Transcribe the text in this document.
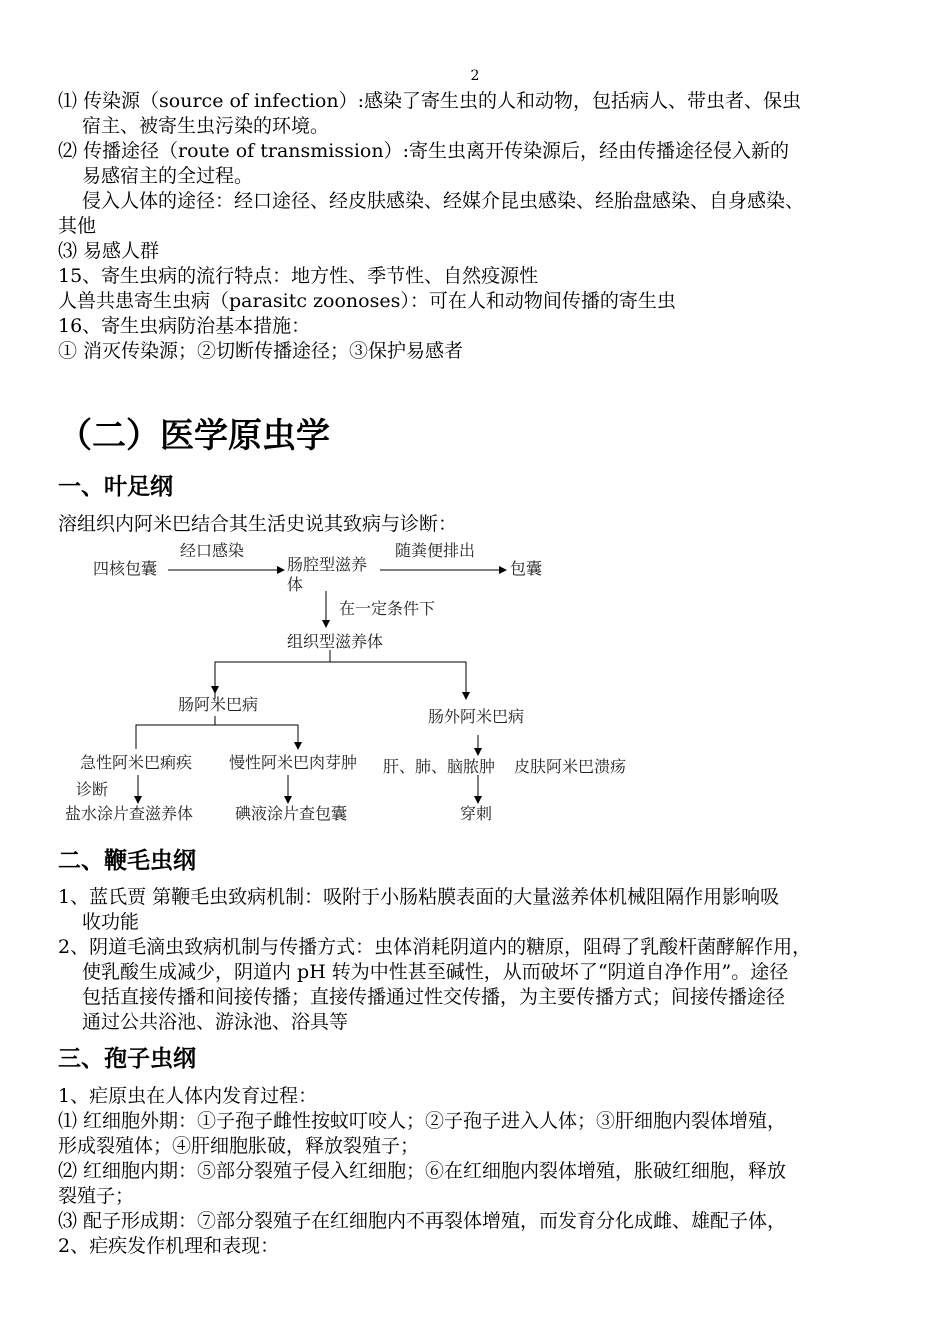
2
⑴ 传染源（source of infection）:感染了寄生虫的人和动物，包括病人、带虫者、保虫
宿主、被寄生虫污染的环境。
⑵ 传播途径（route of transmission）:寄生虫离开传染源后，经由传播途径侵入新的
易感宿主的全过程。
侵入人体的途径：经口途径、经皮肤感染、经媒介昆虫感染、经胎盘感染、自身感染、
其他
⑶ 易感人群
15、寄生虫病的流行特点：地方性、季节性、自然疫源性
人兽共患寄生虫病（parasitc zoonoses）：可在人和动物间传播的寄生虫
16、寄生虫病防治基本措施：
① 消灭传染源；②切断传播途径；③保护易感者
（二）医学原虫学
一、叶足纲
溶组织内阿米巴结合其生活史说其致病与诊断：
四核包囊
经口感染
肠腔型滋养
体
随粪便排出
包囊
在一定条件下
组织型滋养体
肠阿米巴病
肠外阿米巴病
急性阿米巴痢疾 慢性阿米巴肉芽肿 肝、肺、脑脓肿 皮肤阿米巴溃疡
诊断
盐水涂片查滋养体	碘液涂片查包囊	穿刺
二、鞭毛虫纲
1、蓝氏贾 第鞭毛虫致病机制：吸附于小肠粘膜表面的大量滋养体机械阻隔作用影响吸
收功能
2、阴道毛滴虫致病机制与传播方式：虫体消耗阴道内的糖原，阻碍了乳酸杆菌酵解作用，
使乳酸生成减少，阴道内 pH 转为中性甚至碱性，从而破坏了“阴道自净作用”。途径
包括直接传播和间接传播；直接传播通过性交传播，为主要传播方式；间接传播途径
通过公共浴池、游泳池、浴具等
三、孢子虫纲
1、疟原虫在人体内发育过程：
⑴ 红细胞外期：①子孢子雌性按蚊叮咬人；②子孢子进入人体；③肝细胞内裂体增殖，
形成裂殖体；④肝细胞胀破，释放裂殖子；
⑵ 红细胞内期：⑤部分裂殖子侵入红细胞；⑥在红细胞内裂体增殖，胀破红细胞，释放
裂殖子；
⑶ 配子形成期：⑦部分裂殖子在红细胞内不再裂体增殖，而发育分化成雌、雄配子体，
2、疟疾发作机理和表现：
